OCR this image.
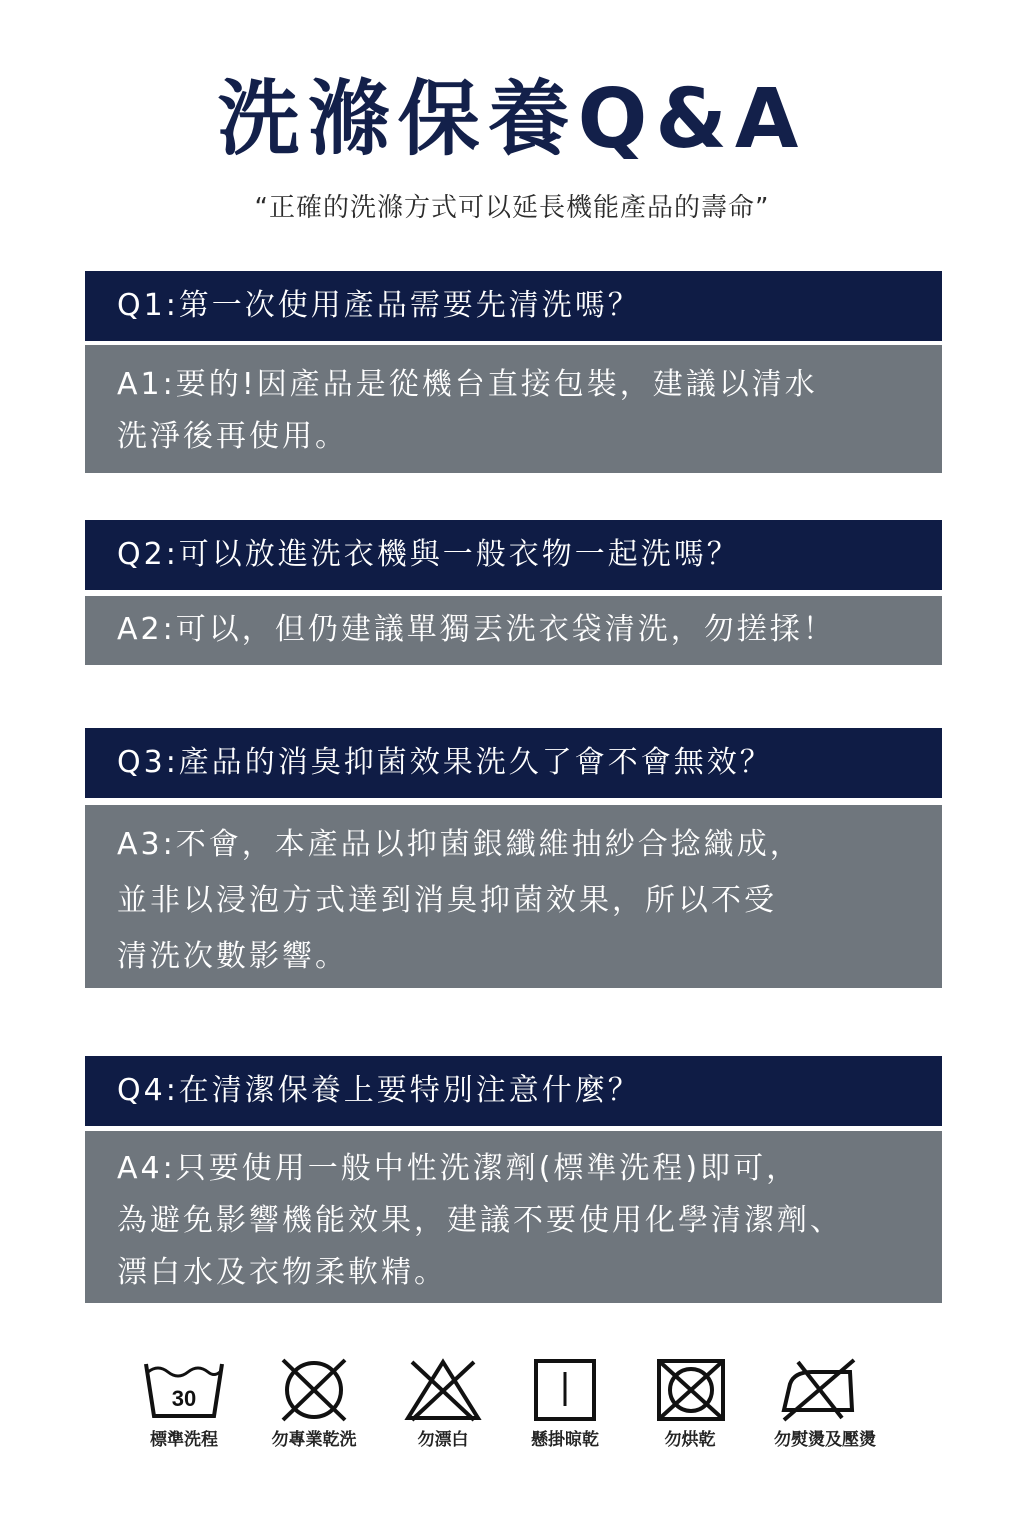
洗滌保養Q&A
“正確的洗滌方式可以延長機能產品的壽命”
Q1:第一次使用產品需要先清洗嗎？
A1:要的!因產品是從機台直接包裝，建議以清水
洗淨後再使用。
Q2:可以放進洗衣機與一般衣物一起洗嗎？
A2:可以，但仍建議單獨丟洗衣袋清洗，勿搓揉！
Q3:產品的消臭抑菌效果洗久了會不會無效？
A3:不會，本產品以抑菌銀纖維抽紗合捻織成，
並非以浸泡方式達到消臭抑菌效果，所以不受
清洗次數影響。
Q4:在清潔保養上要特別注意什麼？
A4:只要使用一般中性洗潔劑(標準洗程)即可，
為避免影響機能效果，建議不要使用化學清潔劑、
漂白水及衣物柔軟精。
30
標準洗程	勿專業乾洗	勿漂白	懸掛晾乾	勿烘乾	勿熨燙及壓燙
